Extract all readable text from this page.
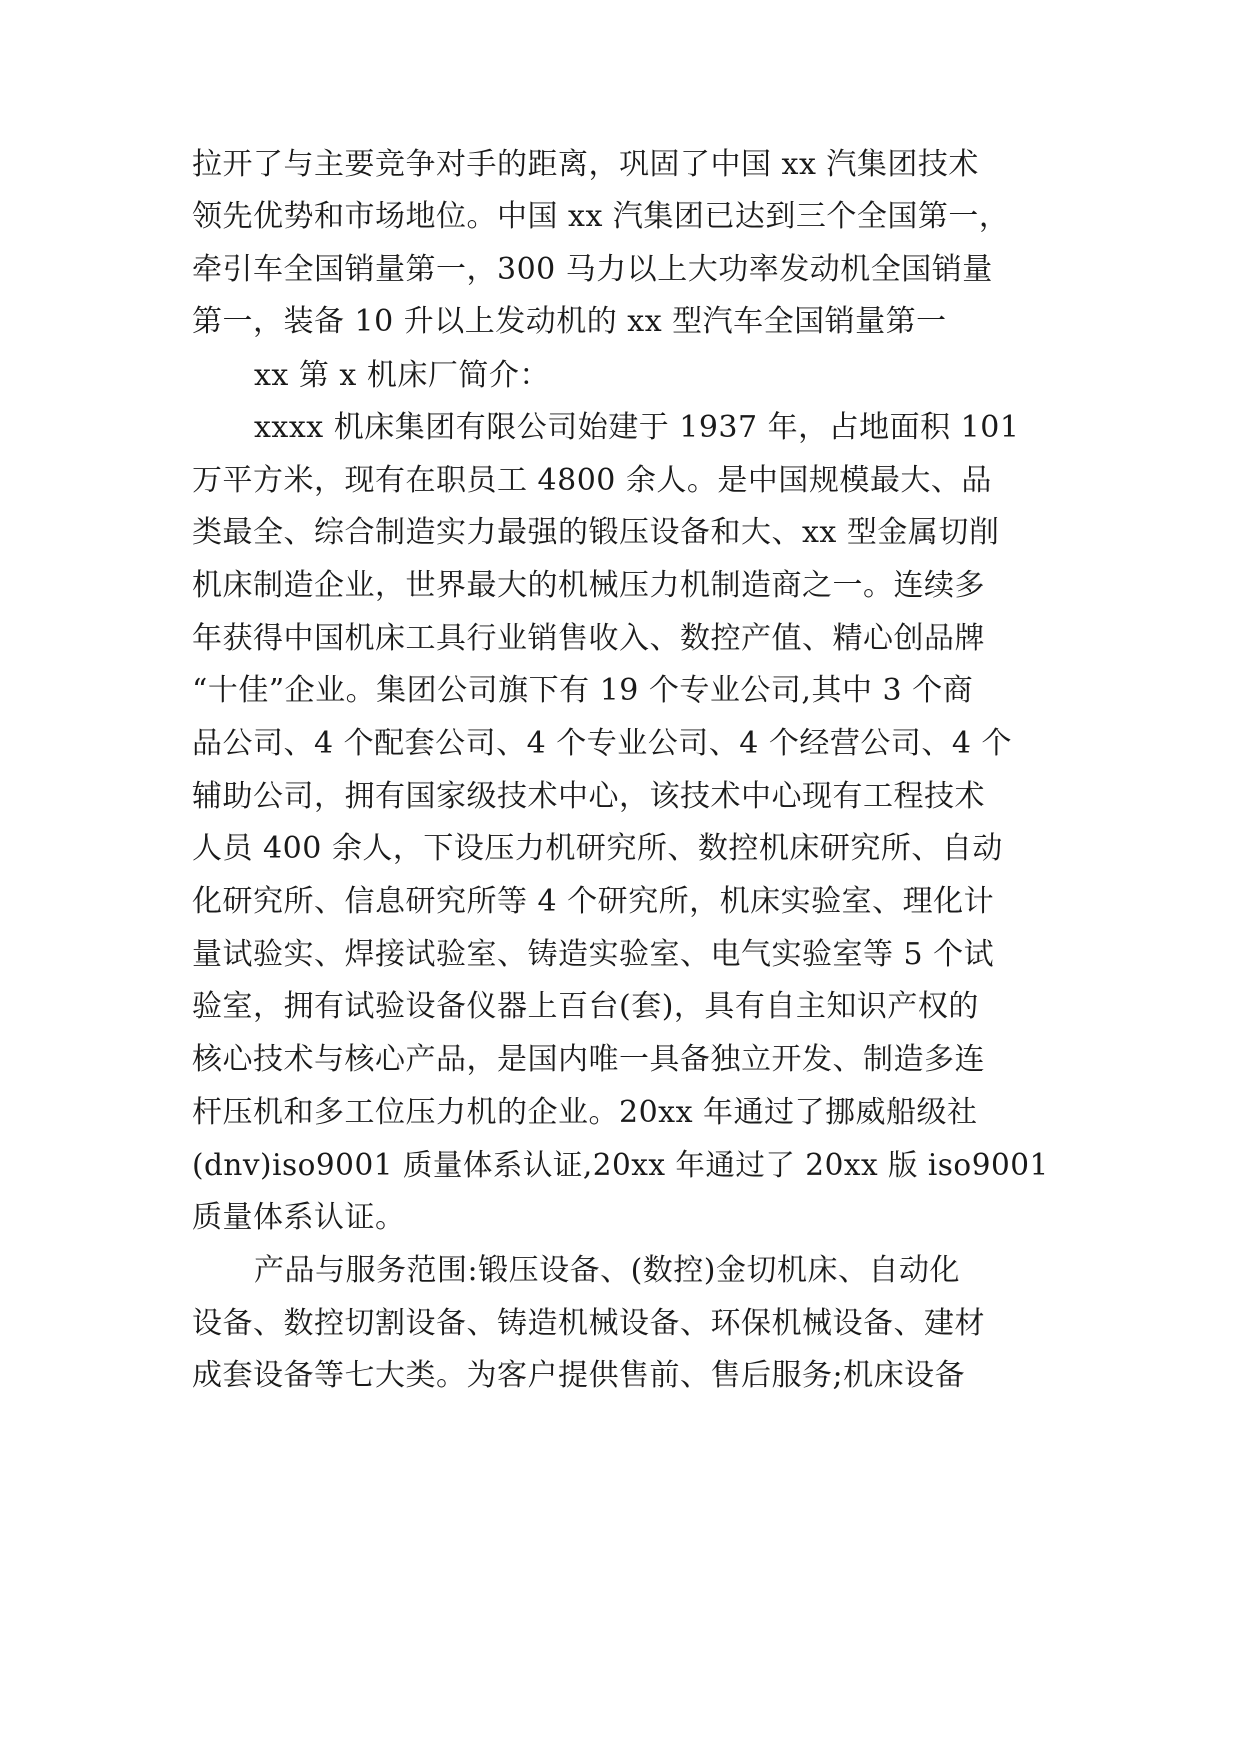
拉开了与主要竞争对手的距离，巩固了中国 xx 汽集团技术
领先优势和市场地位。中国 xx 汽集团已达到三个全国第一，
牵引车全国销量第一，300 马力以上大功率发动机全国销量
第一，装备 10 升以上发动机的 xx 型汽车全国销量第一
xx 第 x 机床厂简介：
xxxx 机床集团有限公司始建于 1937 年，占地面积 101
万平方米，现有在职员工 4800 余人。是中国规模最大、品
类最全、综合制造实力最强的锻压设备和大、xx 型金属切削
机床制造企业，世界最大的机械压力机制造商之一。连续多
年获得中国机床工具行业销售收入、数控产值、精心创品牌
“十佳”企业。集团公司旗下有 19 个专业公司,其中 3 个商
品公司、4 个配套公司、4 个专业公司、4 个经营公司、4 个
辅助公司，拥有国家级技术中心，该技术中心现有工程技术
人员 400 余人，下设压力机研究所、数控机床研究所、自动
化研究所、信息研究所等 4 个研究所，机床实验室、理化计
量试验实、焊接试验室、铸造实验室、电气实验室等 5 个试
验室，拥有试验设备仪器上百台(套)，具有自主知识产权的
核心技术与核心产品，是国内唯一具备独立开发、制造多连
杆压机和多工位压力机的企业。20xx 年通过了挪威船级社
(dnv)iso9001 质量体系认证,20xx 年通过了 20xx 版 iso9001
质量体系认证。
产品与服务范围:锻压设备、(数控)金切机床、自动化
设备、数控切割设备、铸造机械设备、环保机械设备、建材
成套设备等七大类。为客户提供售前、售后服务;机床设备
